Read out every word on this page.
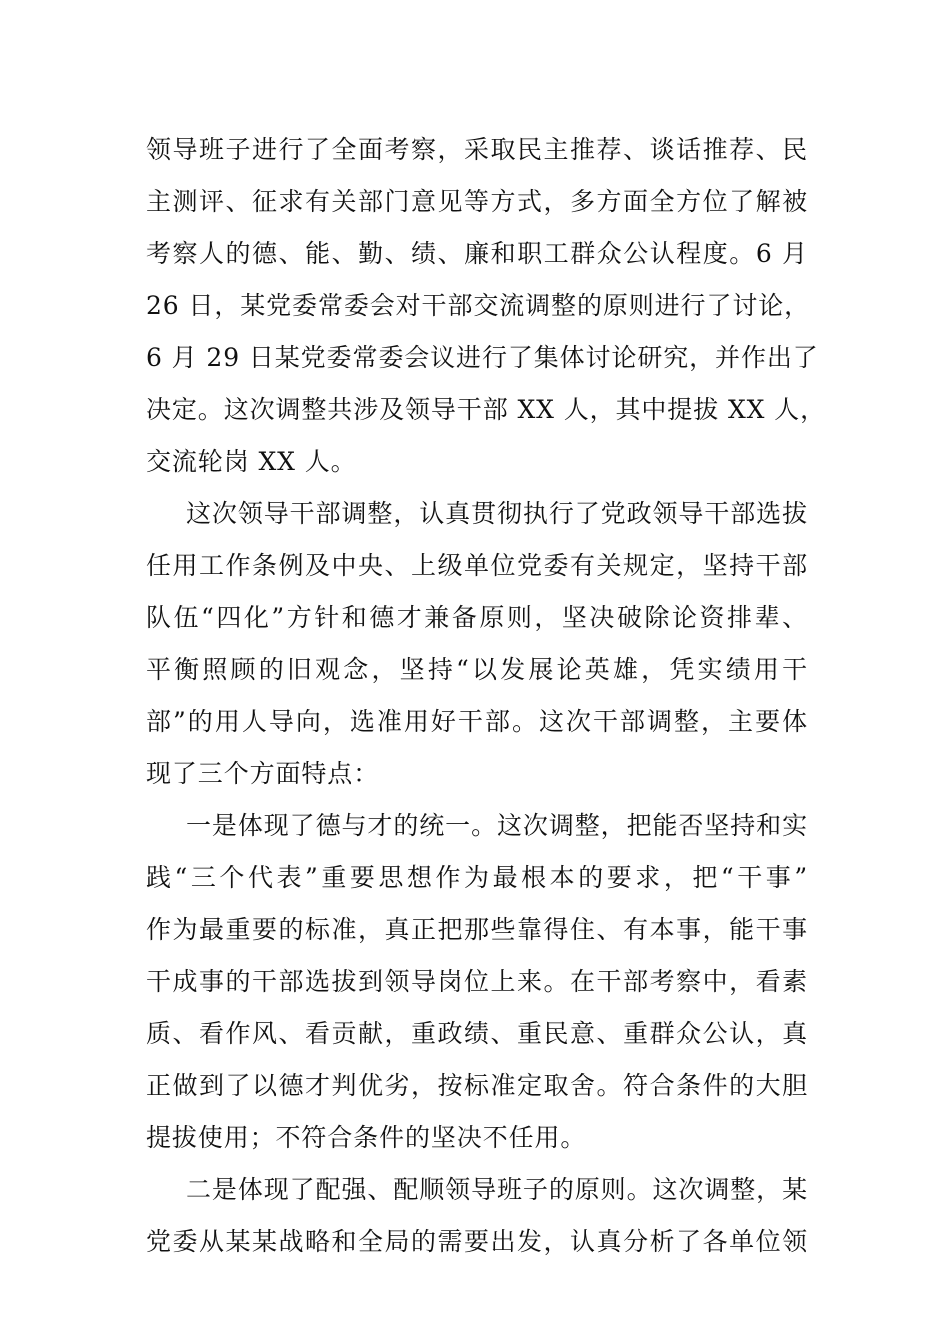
领导班子进行了全面考察，采取民主推荐、谈话推荐、民
主测评、征求有关部门意见等方式，多方面全方位了解被
考察人的德、能、勤、绩、廉和职工群众公认程度。6 月
26 日，某党委常委会对干部交流调整的原则进行了讨论，
6 月 29 日某党委常委会议进行了集体讨论研究，并作出了
决定。这次调整共涉及领导干部 XX 人，其中提拔 XX 人，
交流轮岗 XX 人。
这次领导干部调整，认真贯彻执行了党政领导干部选拔
任用工作条例及中央、上级单位党委有关规定，坚持干部
队伍“四化”方针和德才兼备原则，坚决破除论资排辈、
平衡照顾的旧观念，坚持“以发展论英雄，凭实绩用干
部”的用人导向，选准用好干部。这次干部调整，主要体
现了三个方面特点：
一是体现了德与才的统一。这次调整，把能否坚持和实
践“三个代表”重要思想作为最根本的要求，把“干事”
作为最重要的标准，真正把那些靠得住、有本事，能干事
干成事的干部选拔到领导岗位上来。在干部考察中，看素
质、看作风、看贡献，重政绩、重民意、重群众公认，真
正做到了以德才判优劣，按标准定取舍。符合条件的大胆
提拔使用；不符合条件的坚决不任用。
二是体现了配强、配顺领导班子的原则。这次调整，某
党委从某某战略和全局的需要出发，认真分析了各单位领
